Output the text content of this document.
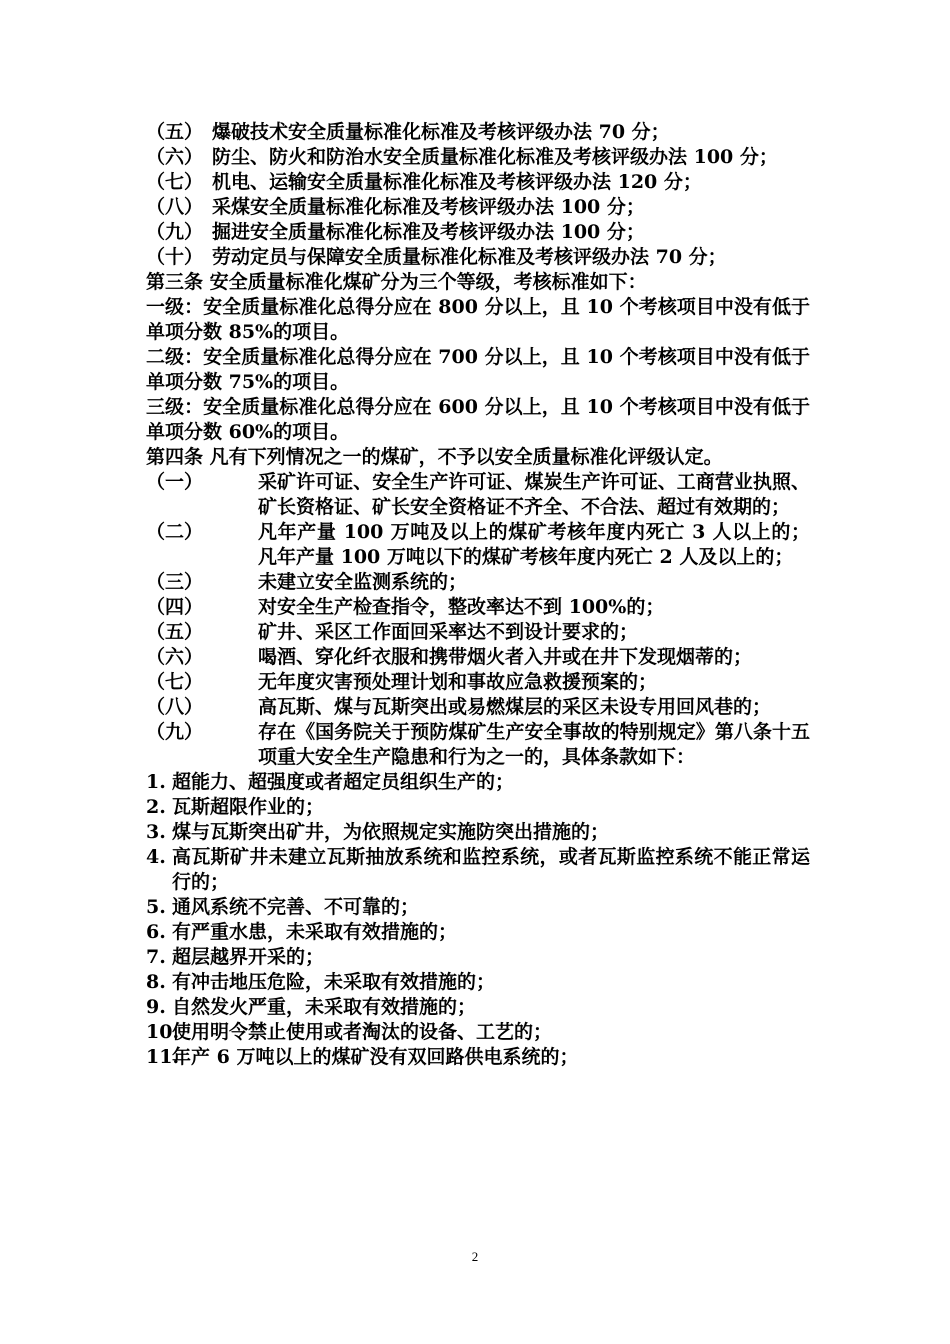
（五） 爆破技术安全质量标准化标准及考核评级办法 70 分；
（六） 防尘、防火和防治水安全质量标准化标准及考核评级办法 100 分；
（七） 机电、运输安全质量标准化标准及考核评级办法 120 分；
（八） 采煤安全质量标准化标准及考核评级办法 100 分；
（九） 掘进安全质量标准化标准及考核评级办法 100 分；
（十） 劳动定员与保障安全质量标准化标准及考核评级办法 70 分；
第三条 安全质量标准化煤矿分为三个等级，考核标准如下：
一级：安全质量标准化总得分应在 800 分以上，且 10 个考核项目中没有低于单项分数 85%的项目。
二级：安全质量标准化总得分应在 700 分以上，且 10 个考核项目中没有低于单项分数 75%的项目。
三级：安全质量标准化总得分应在 600 分以上，且 10 个考核项目中没有低于单项分数 60%的项目。
第四条 凡有下列情况之一的煤矿，不予以安全质量标准化评级认定。
（一）	采矿许可证、安全生产许可证、煤炭生产许可证、工商营业执照、矿长资格证、矿长安全资格证不齐全、不合法、超过有效期的；
（二）	凡年产量 100 万吨及以上的煤矿考核年度内死亡 3 人以上的；凡年产量 100 万吨以下的煤矿考核年度内死亡 2 人及以上的；
（三）	未建立安全监测系统的；
（四）	对安全生产检查指令，整改率达不到 100%的；
（五）	矿井、采区工作面回采率达不到设计要求的；
（六）	喝酒、穿化纤衣服和携带烟火者入井或在井下发现烟蒂的；
（七）	无年度灾害预处理计划和事故应急救援预案的；
（八）	高瓦斯、煤与瓦斯突出或易燃煤层的采区未设专用回风巷的；
（九）	存在《国务院关于预防煤矿生产安全事故的特别规定》第八条十五项重大安全生产隐患和行为之一的，具体条款如下：
1. 超能力、超强度或者超定员组织生产的；
2. 瓦斯超限作业的；
3. 煤与瓦斯突出矿井，为依照规定实施防突出措施的；
4. 高瓦斯矿井未建立瓦斯抽放系统和监控系统，或者瓦斯监控系统不能正常运行的；
5. 通风系统不完善、不可靠的；
6. 有严重水患，未采取有效措施的；
7. 超层越界开采的；
8. 有冲击地压危险，未采取有效措施的；
9. 自然发火严重，未采取有效措施的；
10.
使用明令禁止使用或者淘汰的设备、工艺的；
11.
年产 6 万吨以上的煤矿没有双回路供电系统的；
2
